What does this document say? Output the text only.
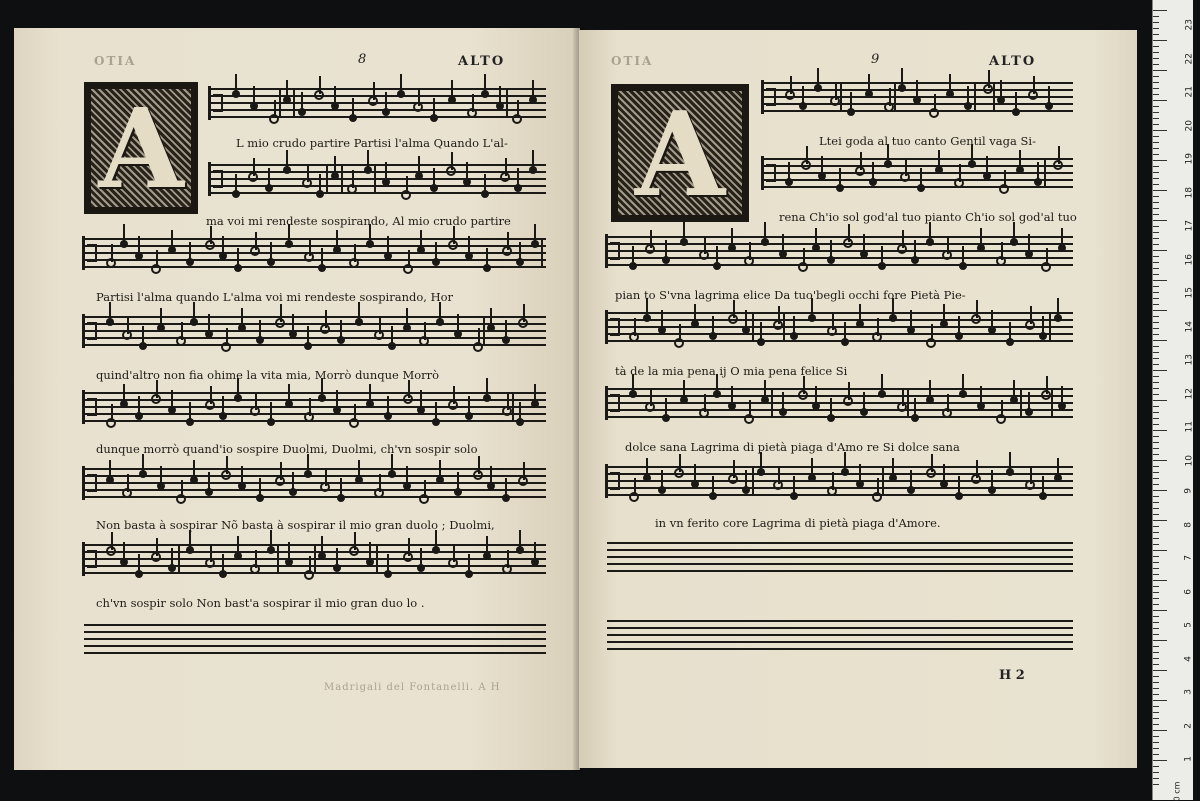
OTIA	8	ALTO
A	L mio crudo partire Partisi l'alma Quando L'al-
ma voi mi rendeste sospirando, Al mio crudo partire
Partisi l'alma quando L'alma voi mi rendeste sospirando, Hor
quind'altro non fia ohime la vita mia, Morrò dunque Morrò
dunque morrò quand'io sospire Duolmi, Duolmi, ch'vn sospir solo
Non basta à sospirar Nõ basta à sospirar il mio gran duolo ; Duolmi,
ch'vn sospir solo Non bast'a sospirar il mio gran duo lo .
Madrigali del Fontanelli. A H
OTIA	9	ALTO
A	Ltei goda al tuo canto Gentil vaga Si-
rena Ch'io sol god'al tuo pianto Ch'io sol god'al tuo
pian to S'vna lagrima elice Da tuo'begli occhi fore Pietà Pie-
tà de la mia pena ij O mia pena felice Si
dolce sana Lagrima di pietà piaga d'Amo re Si dolce sana
in vn ferito core Lagrima di pietà piaga d'Amore.
H 2
23
22
21
20
19
18
17
16
15
14
13
12
11
10
9
8
7
6
5
4
3
2
1
0 cm
